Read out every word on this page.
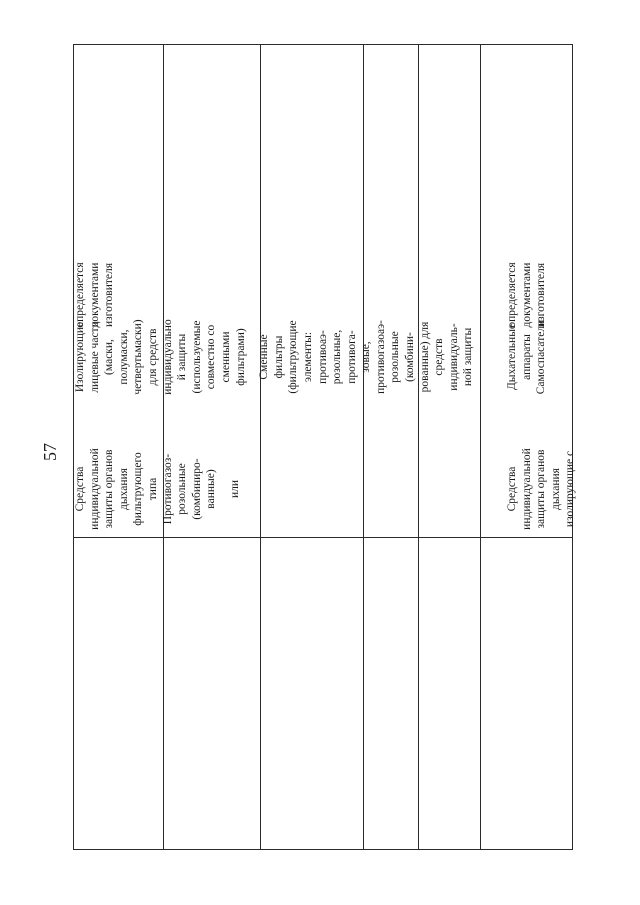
57
Средства
индивидуальной
защиты органов
дыхания
фильтрующего
типа
Противогазоз-
розольные
(комбиниро-
ванные) или
Изолирующие
лицевые части
(маски,
полумаски,
четвертьмаски)
для средств
индивидуально
й защиты
(используемые
совместно со
сменными
фильтрами) Сменные
фильтры
(фильтрующие
элементы:
противоаэ-
розольные,
противога-
зовые,
противогазоаэ-
розольные
(комбини-
рованные) для
средств
индивидуаль-
ной защиты
определяется
документами
изготовителя
Средства
индивидуальной
защиты органов
дыхания
изолирующие с
Дыхательные
аппараты
Самоспасатели
определяется
документами
изготовителя
